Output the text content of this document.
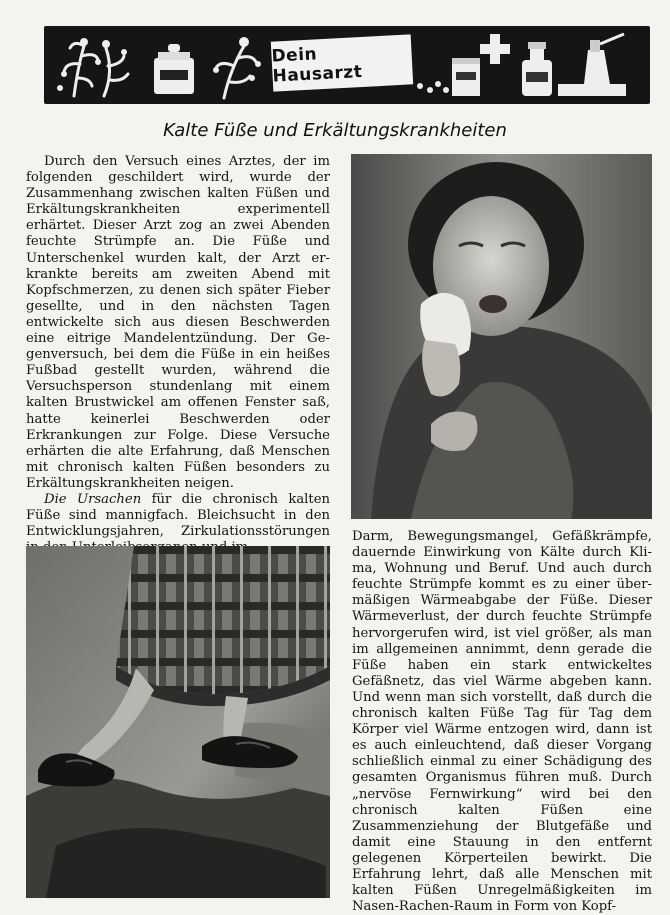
Dein Hausarzt
Kalte Füße und Erkältungskrankheiten

Durch den Versuch eines Arztes, der im folgenden geschildert wird, wurde der Zusammenhang zwischen kalten Füßen und Erkältungskrankheiten experimentell erhärtet. Dieser Arzt zog an zwei Abenden feuchte Strümpfe an. Die Füße und Unterschenkel wurden kalt, der Arzt erkrankte bereits am zweiten Abend mit Kopfschmerzen, zu denen sich später Fieber gesellte, und in den nächsten Tagen entwickelte sich aus diesen Beschwerden eine eitrige Mandelentzündung. Der Gegenversuch, bei dem die Füße in ein heißes Fußbad gestellt wurden, während die Versuchsperson stundenlang mit einem kalten Brustwickel am offenen Fenster saß, hatte keinerlei Beschwerden oder Erkrankungen zur Folge. Diese Versuche erhärten die alte Erfahrung, daß Menschen mit chronisch kalten Füßen besonders zu Erkältungskrankheiten neigen.

Die Ursachen für die chronisch kalten Füße sind mannigfach. Bleichsucht in den Entwicklungsjahren, Zirkulationsstörungen Darm, Bewegungsmangel, Gefäßkrämpfe, dauernde Einwirkung von Kälte durch Klima, Wohnung und Beruf. Und auch durch feuchte Strümpfe kommt es zu einer übermäßigen Wärmeabgabe der Füße. Dieser Wärmeverlust, der durch feuchte Strümpfe hervorgerufen wird, ist viel größer, als man im allgemeinen annimmt, denn gerade die Füße haben ein stark entwickeltes Gefäßnetz, das viel Wärme abgeben kann. Und wenn man sich vorstellt, daß durch die chronisch kalten Füße Tag für Tag dem Körper viel Wärme entzogen wird, dann ist es auch einleuchtend, daß dieser Vorgang schließlich einmal zu einer Schädigung des gesamten Organismus führen muß. Durch „nervöse Fernwirkung“ wird bei den chronisch kalten Füßen eine Zusammenziehung der Blutgefäße und damit eine Stauung in den entfernt gelegenen Körperteilen bewirkt. Die Erfahrung lehrt, daß alle Menschen mit kalten Füßen Unregelmäßigkeiten im Nasen-Rachen-Raum in Form von Kopf-
